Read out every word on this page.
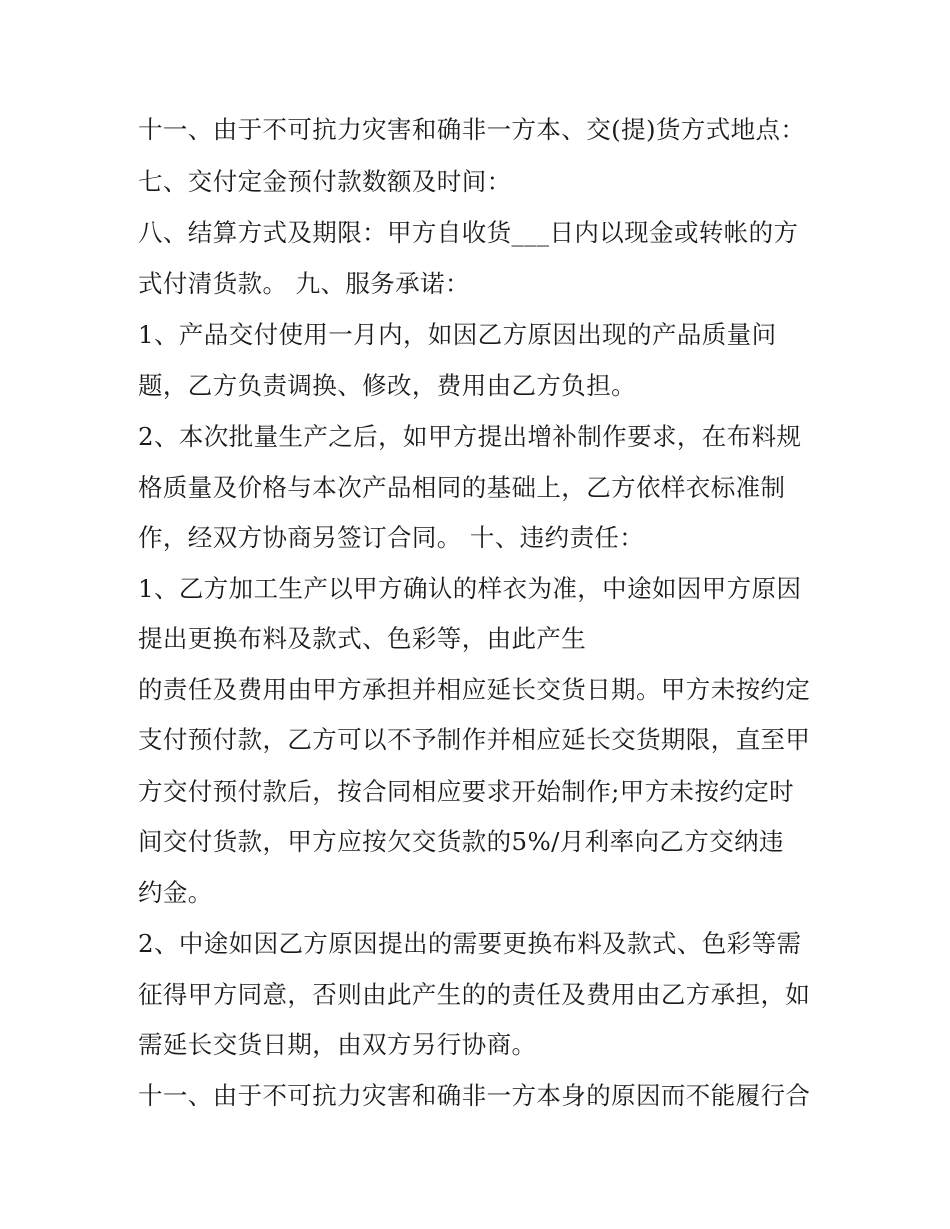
十一、由于不可抗力灾害和确非一方本、交(提)货方式地点：
七、交付定金预付款数额及时间：
八、结算方式及期限：甲方自收货___日内以现金或转帐的方
式付清货款。 九、服务承诺：
1、产品交付使用一月内，如因乙方原因出现的产品质量问
题，乙方负责调换、修改，费用由乙方负担。
2、本次批量生产之后，如甲方提出增补制作要求，在布料规
格质量及价格与本次产品相同的基础上，乙方依样衣标准制
作，经双方协商另签订合同。 十、违约责任：
1、乙方加工生产以甲方确认的样衣为准，中途如因甲方原因
提出更换布料及款式、色彩等，由此产生
的责任及费用由甲方承担并相应延长交货日期。甲方未按约定
支付预付款，乙方可以不予制作并相应延长交货期限，直至甲
方交付预付款后，按合同相应要求开始制作;甲方未按约定时
间交付货款，甲方应按欠交货款的5%/月利率向乙方交纳违
约金。
2、中途如因乙方原因提出的需要更换布料及款式、色彩等需
征得甲方同意，否则由此产生的的责任及费用由乙方承担，如
需延长交货日期，由双方另行协商。
十一、由于不可抗力灾害和确非一方本身的原因而不能履行合
